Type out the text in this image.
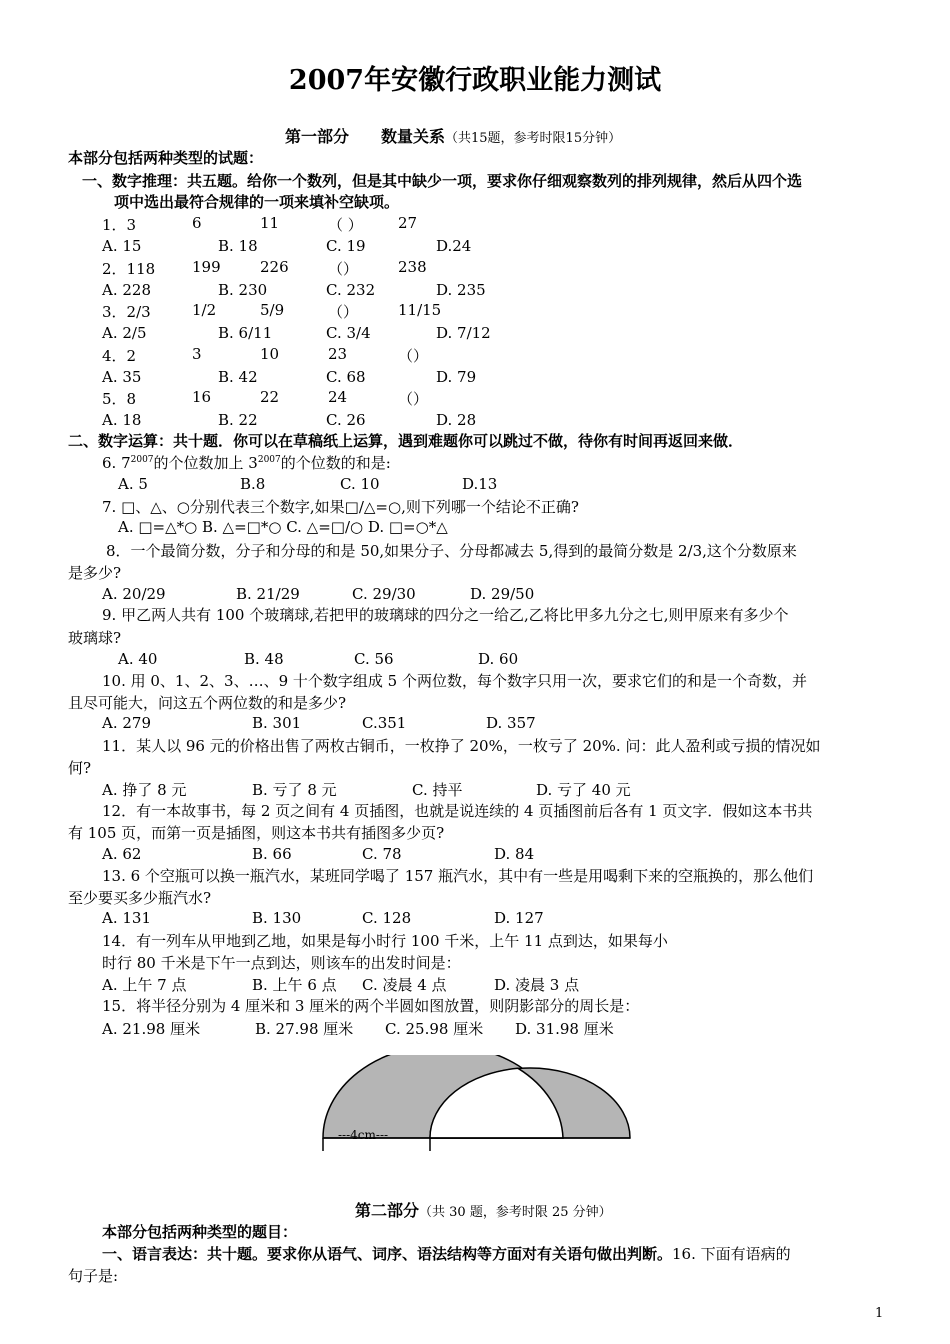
2007年安徽行政职业能力测试
第一部分　　数量关系（共15题，参考时限15分钟）
本部分包括两种类型的试题：
一、数字推理：共五题。给你一个数列，但是其中缺少一项，要求你仔细观察数列的排列规律，然后从四个选
项中选出最符合规律的一项来填补空缺项。
1．3	6	11	（ ） 27
A. 15	B. 18	C. 19	D.24
2．118 199	226	（）	238
A. 228	B. 230	C. 232	D. 235
3．2/3	1/2	5/9	（）	11/15
A. 2/5	B. 6/11	C. 3/4	D. 7/12
4．2	3	10	23	（）
A. 35	B. 42	C. 68	D. 79
5．8	16	22	24	（）
A. 18	B. 22	C. 26	D. 28
二、数字运算：共十题．你可以在草稿纸上运算，遇到难题你可以跳过不做，待你有时间再返回来做．
6. $7^{2007}$的个位数加上 $3^{2007}$的个位数的和是:
A. 5	B.8	C. 10	D.13
7. □、△、○分别代表三个数字,如果□/△=○,则下列哪一个结论不正确?
A. □=△*○ B. △=□*○ C. △=□/○ D. □=○*△
8．一个最简分数，分子和分母的和是 50,如果分子、分母都减去 5,得到的最简分数是 2/3,这个分数原来
是多少?
A. 20/29	B. 21/29	C. 29/30	D. 29/50
9. 甲乙两人共有 100 个玻璃球,若把甲的玻璃球的四分之一给乙,乙将比甲多九分之七,则甲原来有多少个
玻璃球?
A. 40	B. 48	C. 56	D. 60
10. 用 0、1、2、3、…、9 十个数字组成 5 个两位数，每个数字只用一次，要求它们的和是一个奇数，并
且尽可能大，问这五个两位数的和是多少?
A. 279	B. 301	C.351	D. 357
11．某人以 96 元的价格出售了两枚古铜币，一枚挣了 20%，一枚亏了 20%. 问：此人盈利或亏损的情况如
何?
A. 挣了 8 元	B. 亏了 8 元	C. 持平	D. 亏了 40 元
12．有一本故事书，每 2 页之间有 4 页插图，也就是说连续的 4 页插图前后各有 1 页文字．假如这本书共
有 105 页，而第一页是插图，则这本书共有插图多少页?
A. 62	B. 66	C. 78	D. 84
13. 6 个空瓶可以换一瓶汽水，某班同学喝了 157 瓶汽水，其中有一些是用喝剩下来的空瓶换的，那么他们
至少要买多少瓶汽水?
A. 131	B. 130	C. 128	D. 127
14．有一列车从甲地到乙地，如果是每小时行 100 千米，上午 11 点到达，如果每小
时行 80 千米是下午一点到达，则该车的出发时间是：
A. 上午 7 点	B. 上午 6 点 C. 凌晨 4 点	D. 凌晨 3 点
15．将半径分别为 4 厘米和 3 厘米的两个半圆如图放置，则阴影部分的周长是：
A. 21.98 厘米	B. 27.98 厘米 C. 25.98 厘米 D. 31.98 厘米
---4cm---
第二部分（共 30 题，参考时限 25 分钟）
本部分包括两种类型的题目：
一、语言表达：共十题。要求你从语气、词序、语法结构等方面对有关语句做出判断。16. 下面有语病的
句子是:
1
